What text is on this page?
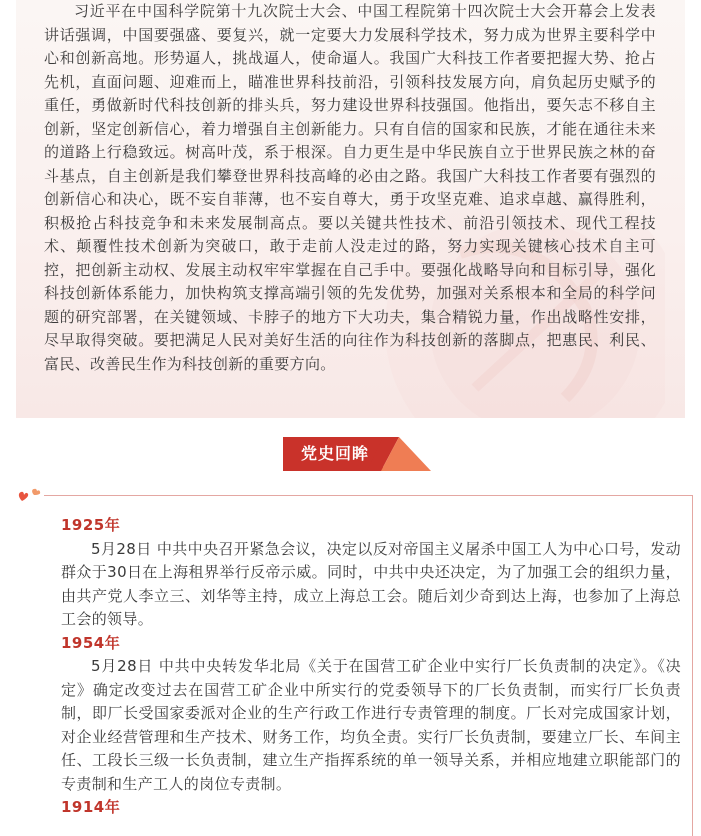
习近平在中国科学院第十九次院士大会、中国工程院第十四次院士大会开幕会上发表讲话强调，中国要强盛、要复兴，就一定要大力发展科学技术，努力成为世界主要科学中心和创新高地。形势逼人，挑战逼人，使命逼人。我国广大科技工作者要把握大势、抢占先机，直面问题、迎难而上，瞄准世界科技前沿，引领科技发展方向，肩负起历史赋予的重任，勇做新时代科技创新的排头兵，努力建设世界科技强国。他指出，要矢志不移自主创新，坚定创新信心，着力增强自主创新能力。只有自信的国家和民族，才能在通往未来的道路上行稳致远。树高叶茂，系于根深。自力更生是中华民族自立于世界民族之林的奋斗基点，自主创新是我们攀登世界科技高峰的必由之路。我国广大科技工作者要有强烈的创新信心和决心，既不妄自菲薄，也不妄自尊大，勇于攻坚克难、追求卓越、赢得胜利，积极抢占科技竞争和未来发展制高点。要以关键共性技术、前沿引领技术、现代工程技术、颠覆性技术创新为突破口，敢于走前人没走过的路，努力实现关键核心技术自主可控，把创新主动权、发展主动权牢牢掌握在自己手中。要强化战略导向和目标引导，强化科技创新体系能力，加快构筑支撑高端引领的先发优势，加强对关系根本和全局的科学问题的研究部署，在关键领域、卡脖子的地方下大功夫，集合精锐力量，作出战略性安排，尽早取得突破。要把满足人民对美好生活的向往作为科技创新的落脚点，把惠民、利民、富民、改善民生作为科技创新的重要方向。

党史回眸
1925年

5月28日 中共中央召开紧急会议，决定以反对帝国主义屠杀中国工人为中心口号，发动群众于30日在上海租界举行反帝示威。同时，中共中央还决定，为了加强工会的组织力量，由共产党人李立三、刘华等主持，成立上海总工会。随后刘少奇到达上海，也参加了上海总工会的领导。

1954年

5月28日 中共中央转发华北局《关于在国营工矿企业中实行厂长负责制的决定》。《决定》确定改变过去在国营工矿企业中所实行的党委领导下的厂长负责制，而实行厂长负责制，即厂长受国家委派对企业的生产行政工作进行专责管理的制度。厂长对完成国家计划，对企业经营管理和生产技术、财务工作，均负全责。实行厂长负责制，要建立厂长、车间主任、工段长三级一长负责制，建立生产指挥系统的单一领导关系，并相应地建立职能部门的专责制和生产工人的岗位专责制。

1914年
